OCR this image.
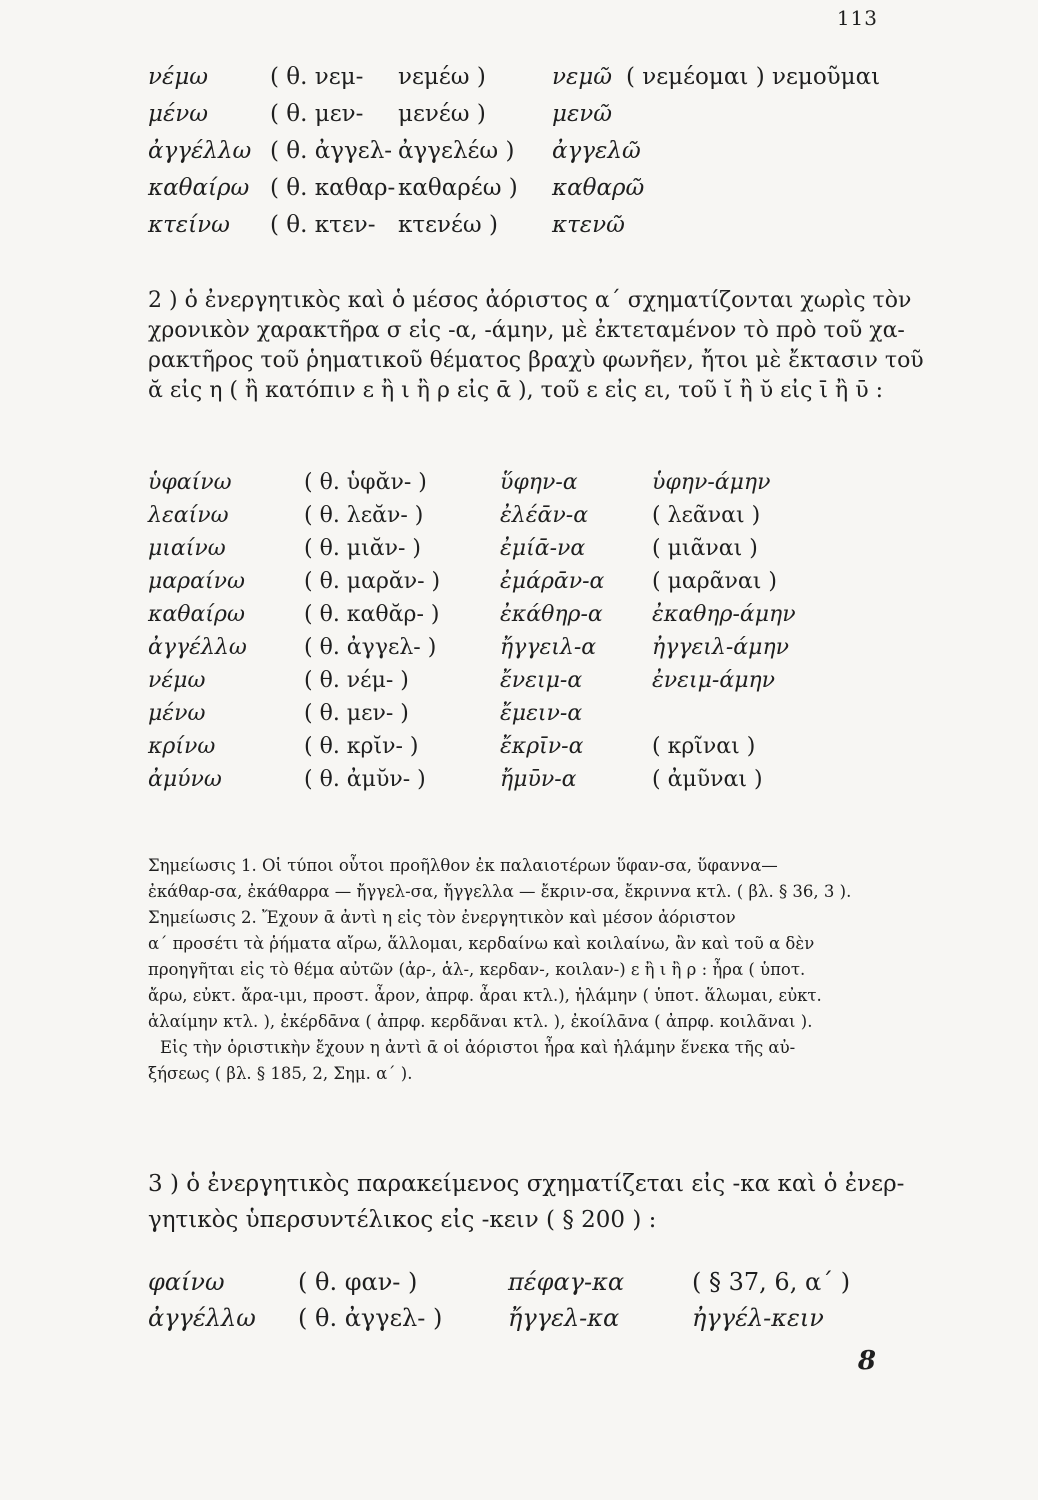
113
νέμω	( θ. νεμ- νεμέω )	νεμῶ ( νεμέομαι ) νεμοῦμαι
μένω	( θ. μεν- μενέω )	μενῶ
ἀγγέλλω ( θ. ἀγγελ- ἀγγελέω ) ἀγγελῶ
καθαίρω ( θ. καθαρ- καθαρέω ) καθαρῶ
κτείνω ( θ. κτεν- κτενέω ) κτενῶ
2 ) ὁ ἐνεργητικὸς καὶ ὁ μέσος ἀόριστος α΄ σχηματίζονται χωρὶς τὸν
χρονικὸν χαρακτῆρα σ εἰς -α, -άμην, μὲ ἐκτεταμένον τὸ πρὸ τοῦ χα-
ρακτῆρος τοῦ ῥηματικοῦ θέματος βραχὺ φωνῆεν, ἤτοι μὲ ἔκτασιν τοῦ
ᾰ εἰς η ( ἢ κατόπιν ε ἢ ι ἢ ρ εἰς ᾱ ), τοῦ ε εἰς ει, τοῦ ῐ ἢ ῠ εἰς ῑ ἢ ῡ :
ὑφαίνω	( θ. ὑφᾰν- )	ὕφην-α	ὑφην-άμην
λεαίνω	( θ. λεᾰν- )	ἐλέᾱν-α	( λεᾶναι )
μιαίνω	( θ. μιᾰν- )	ἐμίᾱ-να	( μιᾶναι )
μαραίνω	( θ. μαρᾰν- )	ἐμάρᾱν-α ( μαρᾶναι )
καθαίρω	( θ. καθᾰρ- )	ἐκάθηρ-α ἐκαθηρ-άμην
ἀγγέλλω	( θ. ἀγγελ- )	ἤγγειλ-α	ἠγγειλ-άμην
νέμω	( θ. νέμ- )	ἔνειμ-α	ἐνειμ-άμην
μένω	( θ. μεν- )	ἔμειν-α
κρίνω	( θ. κρῐν- )	ἔκρῑν-α	( κρῖναι )
ἀμύνω	( θ. ἀμῠν- )	ἤμῡν-α	( ἀμῦναι )
Σημείωσις 1. Οἱ τύποι οὗτοι προῆλθον ἐκ παλαιοτέρων ὕφαν-σα, ὕφαννα—
ἐκάθαρ-σα, ἐκάθαρρα — ἤγγελ-σα, ἤγγελλα — ἔκριν-σα, ἔκριννα κτλ. ( βλ. § 36, 3 ).
Σημείωσις 2. Ἔχουν ᾱ ἀντὶ η εἰς τὸν ἐνεργητικὸν καὶ μέσον ἀόριστον
α΄ προσέτι τὰ ῥήματα αἴρω, ἅλλομαι, κερδαίνω καὶ κοιλαίνω, ἂν καὶ τοῦ α δὲν
προηγῆται εἰς τὸ θέμα αὐτῶν (ἀρ-, ἁλ-, κερδαν-, κοιλαν-) ε ἢ ι ἢ ρ : ἦρα ( ὑποτ.
ἄρω, εὐκτ. ἄρα-ιμι, προστ. ἆρον, ἀπρφ. ἆραι κτλ.), ἡλάμην ( ὑποτ. ἅλωμαι, εὐκτ.
ἁλαίμην κτλ. ), ἐκέρδᾱνα ( ἀπρφ. κερδᾶναι κτλ. ), ἐκοίλᾱνα ( ἀπρφ. κοιλᾶναι ).
Εἰς τὴν ὁριστικὴν ἔχουν η ἀντὶ ᾱ οἱ ἀόριστοι ἦρα καὶ ἡλάμην ἕνεκα τῆς αὐ-
ξήσεως ( βλ. § 185, 2, Σημ. α΄ ).
3 ) ὁ ἐνεργητικὸς παρακείμενος σχηματίζεται εἰς -κα καὶ ὁ ἐνερ-
γητικὸς ὑπερσυντέλικος εἰς -κειν ( § 200 ) :
φαίνω	( θ. φαν- )	πέφαγ-κα	( § 37, 6, α΄ )
ἀγγέλλω ( θ. ἀγγελ- )	ἤγγελ-κα	ἠγγέλ-κειν
8
